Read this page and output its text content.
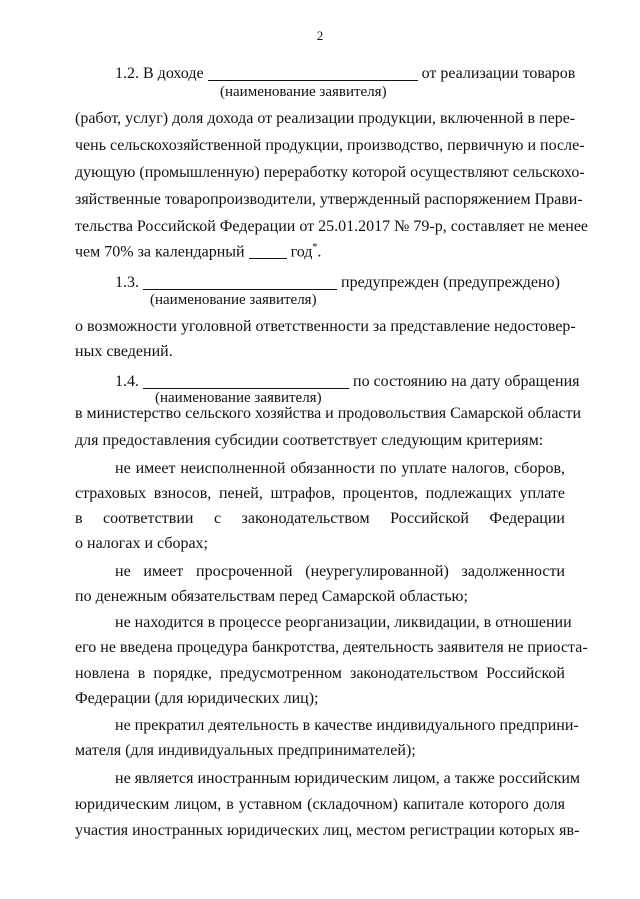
2
1.2. В доходе	от реализации товаров
(наименование заявителя)
(работ, услуг) доля дохода от реализации продукции, включенной в пере-
чень сельскохозяйственной продукции, производство, первичную и после-
дующую (промышленную) переработку которой осуществляют сельскохо-
зяйственные товаропроизводители, утвержденный распоряжением Прави-
тельства Российской Федерации от 25.01.2017 № 79-р, составляет не менее
чем 70% за календарный	год*.
1.3.	предупрежден (предупреждено)
(наименование заявителя)
о возможности уголовной ответственности за представление недостовер-
ных сведений.
1.4.	по состоянию на дату обращения
(наименование заявителя)
в министерство сельского хозяйства и продовольствия Самарской области
для предоставления субсидии соответствует следующим критериям:
не имеет неисполненной обязанности по уплате налогов, сборов,
страховых взносов, пеней, штрафов, процентов, подлежащих уплате
в соответствии с законодательством Российской Федерации
о налогах и сборах;
не имеет просроченной (неурегулированной) задолженности
по денежным обязательствам перед Самарской областью;
не находится в процессе реорганизации, ликвидации, в отношении
его не введена процедура банкротства, деятельность заявителя не приоста-
новлена в порядке, предусмотренном законодательством Российской
Федерации (для юридических лиц);
не прекратил деятельность в качестве индивидуального предприни-
мателя (для индивидуальных предпринимателей);
не является иностранным юридическим лицом, а также российским
юридическим лицом, в уставном (складочном) капитале которого доля
участия иностранных юридических лиц, местом регистрации которых яв-
